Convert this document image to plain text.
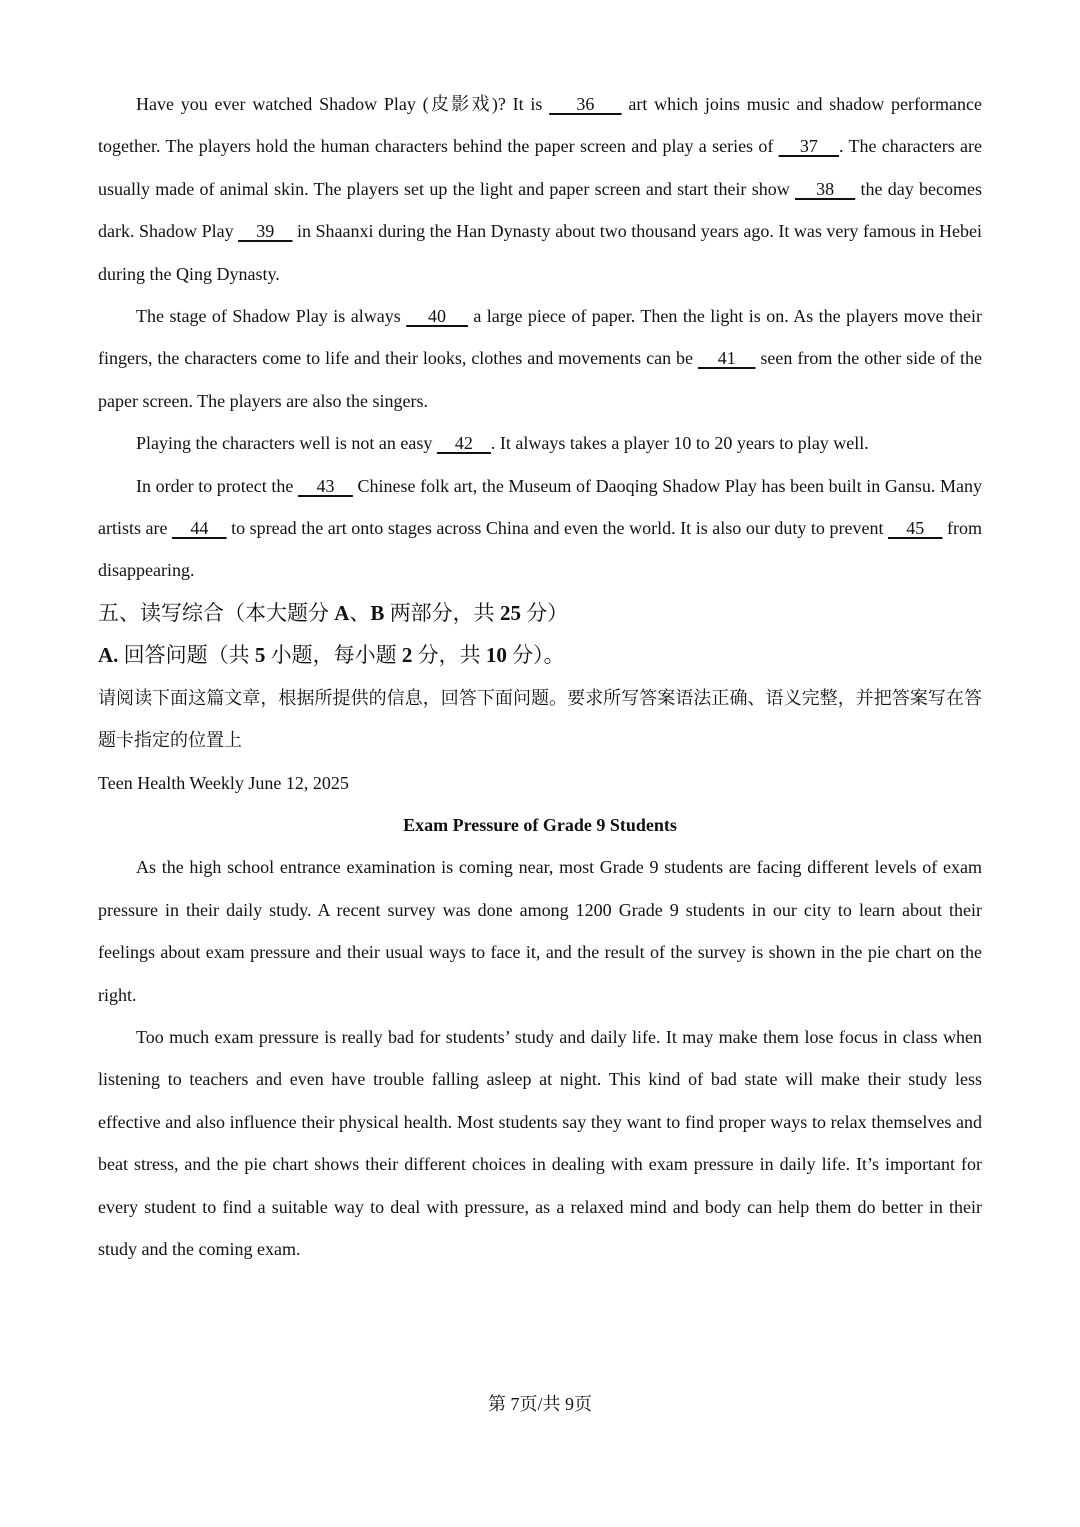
Have you ever watched Shadow Play (皮影戏)? It is     36     art which joins music and shadow performance together. The players hold the human characters behind the paper screen and play a series of     37    . The characters are usually made of animal skin. The players set up the light and paper screen and start their show     38     the day becomes dark. Shadow Play     39     in Shaanxi during the Han Dynasty about two thousand years ago. It was very famous in Hebei during the Qing Dynasty.

The stage of Shadow Play is always     40     a large piece of paper. Then the light is on. As the players move their fingers, the characters come to life and their looks, clothes and movements can be     41     seen from the other side of the paper screen. The players are also the singers.

Playing the characters well is not an easy     42    . It always takes a player 10 to 20 years to play well.

In order to protect the     43     Chinese folk art, the Museum of Daoqing Shadow Play has been built in Gansu. Many artists are     44     to spread the art onto stages across China and even the world. It is also our duty to prevent     45     from disappearing.

五、读写综合（本大题分 A、B 两部分，共 25 分）

A. 回答问题（共 5 小题，每小题 2 分，共 10 分）。

请阅读下面这篇文章，根据所提供的信息，回答下面问题。要求所写答案语法正确、语义完整，并把答案写在答题卡指定的位置上

Teen Health Weekly June 12, 2025

Exam Pressure of Grade 9 Students

As the high school entrance examination is coming near, most Grade 9 students are facing different levels of exam pressure in their daily study. A recent survey was done among 1200 Grade 9 students in our city to learn about their feelings about exam pressure and their usual ways to face it, and the result of the survey is shown in the pie chart on the right.

Too much exam pressure is really bad for students’ study and daily life. It may make them lose focus in class when listening to teachers and even have trouble falling asleep at night. This kind of bad state will make their study less effective and also influence their physical health. Most students say they want to find proper ways to relax themselves and beat stress, and the pie chart shows their different choices in dealing with exam pressure in daily life. It’s important for every student to find a suitable way to deal with pressure, as a relaxed mind and body can help them do better in their study and the coming exam.

第 7页/共 9页
